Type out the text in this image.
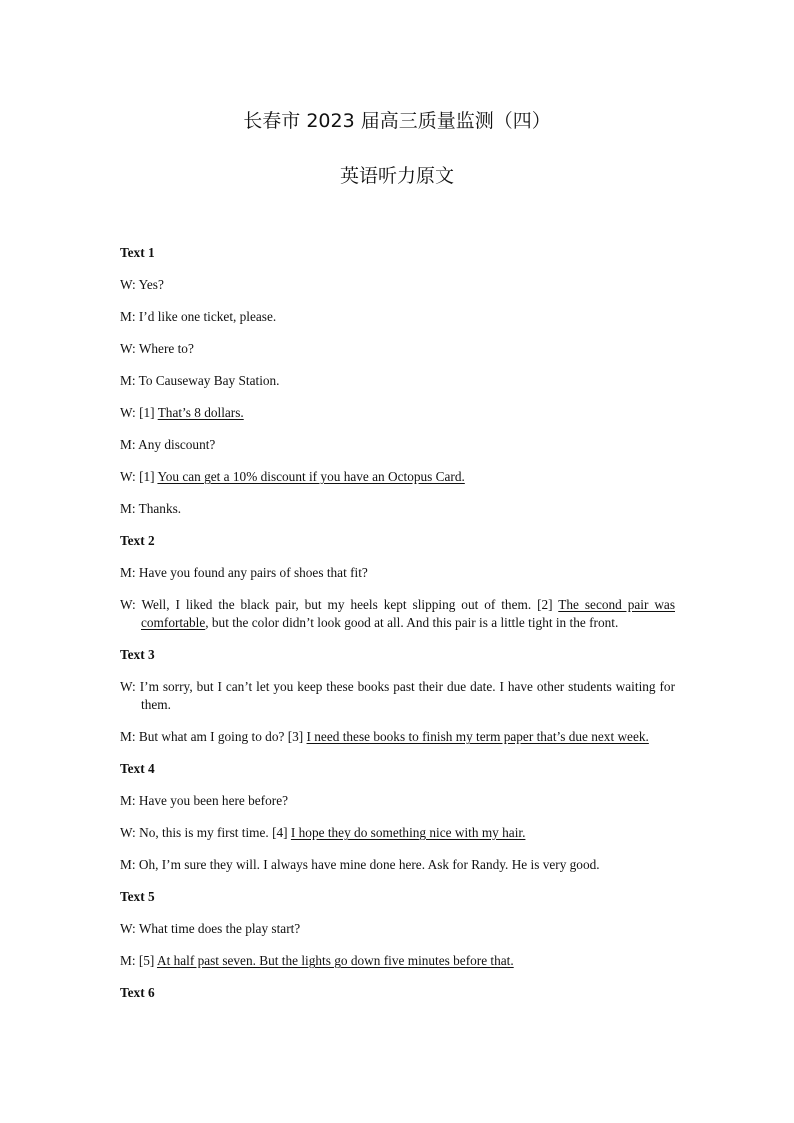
长春市 2023 届高三质量监测（四）
英语听力原文

Text 1

W: Yes?

M: I’d like one ticket, please.

W: Where to?

M: To Causeway Bay Station.

W: [1] That’s 8 dollars.

M: Any discount?

W: [1] You can get a 10% discount if you have an Octopus Card.

M: Thanks.

Text 2

M: Have you found any pairs of shoes that fit?

W: Well, I liked the black pair, but my heels kept slipping out of them. [2] The second pair was comfortable, but the color didn’t look good at all. And this pair is a little tight in the front.

Text 3

W: I’m sorry, but I can’t let you keep these books past their due date. I have other students waiting for them.

M: But what am I going to do? [3] I need these books to finish my term paper that’s due next week.

Text 4

M: Have you been here before?

W: No, this is my first time. [4] I hope they do something nice with my hair.

M: Oh, I’m sure they will. I always have mine done here. Ask for Randy. He is very good.

Text 5

W: What time does the play start?

M: [5] At half past seven. But the lights go down five minutes before that.

Text 6
